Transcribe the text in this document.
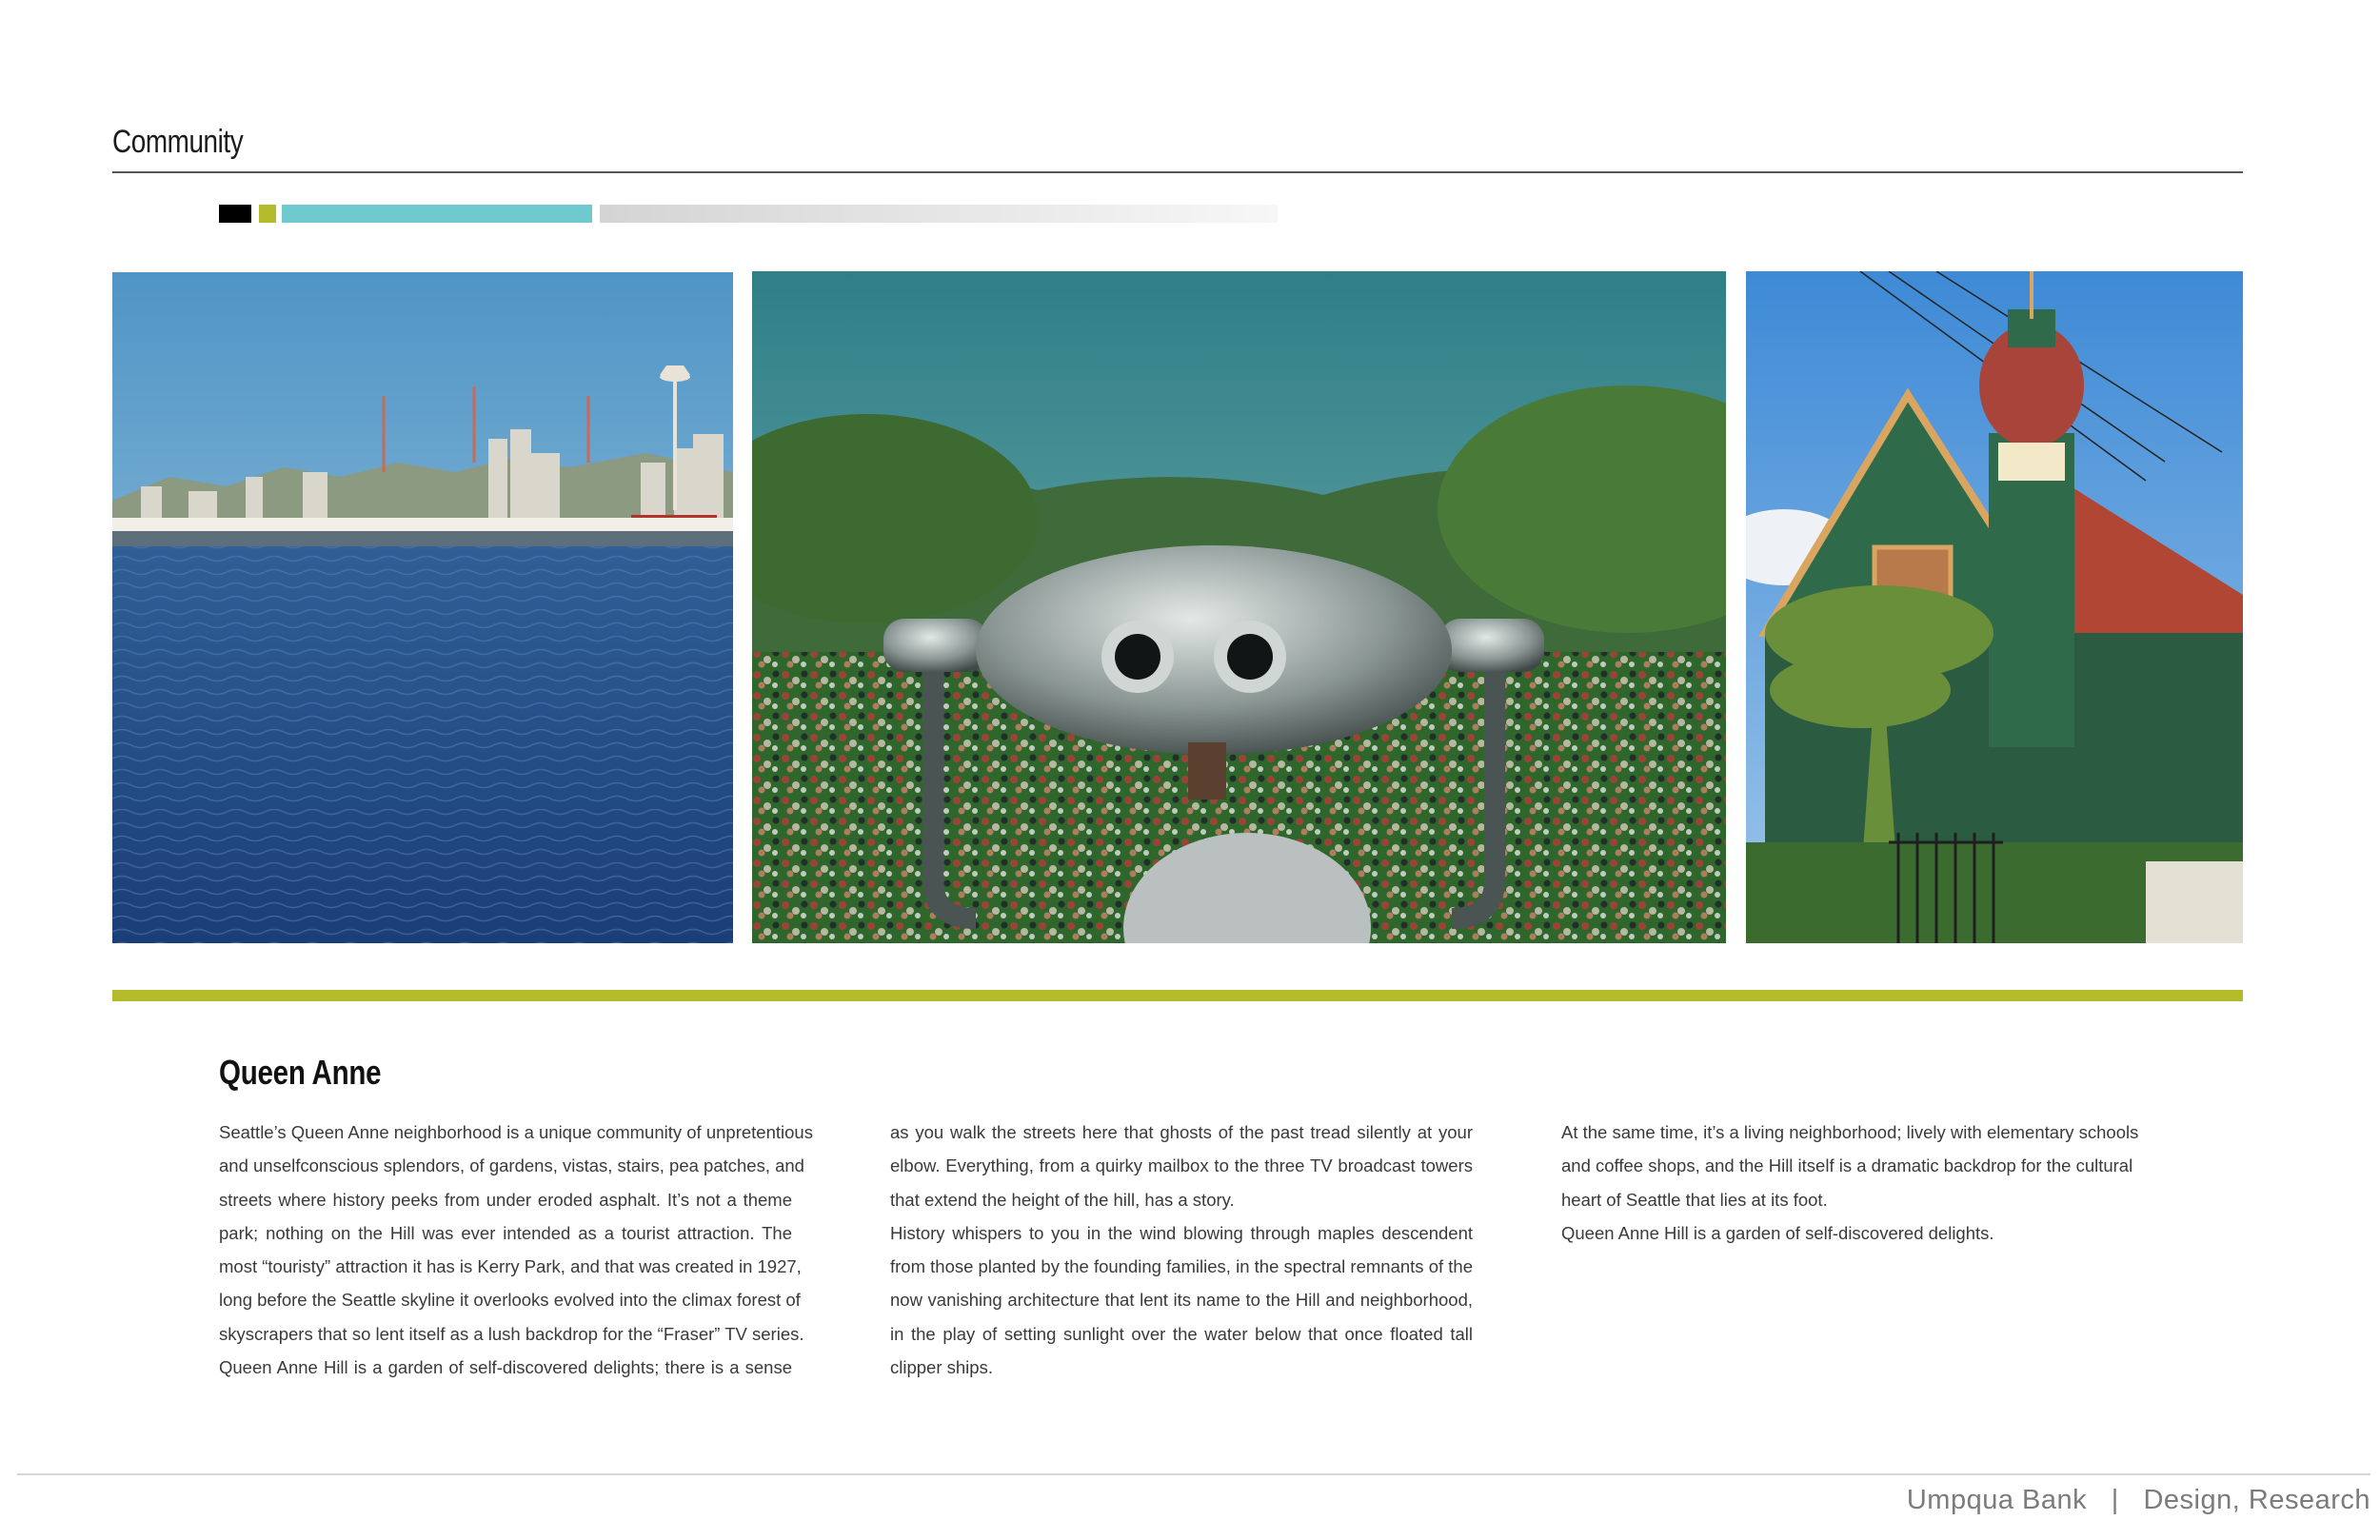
Community
Queen Anne
Seattle’s Queen Anne neighborhood is a unique community of unpretentious
and unselfconscious splendors, of gardens, vistas, stairs, pea patches, and
streets where history peeks from under eroded asphalt. It’s not a theme
park; nothing on the Hill was ever intended as a tourist attraction. The
most “touristy” attraction it has is Kerry Park, and that was created in 1927,
long before the Seattle skyline it overlooks evolved into the climax forest of
skyscrapers that so lent itself as a lush backdrop for the “Fraser” TV series.
Queen Anne Hill is a garden of self-discovered delights; there is a sense
as you walk the streets here that ghosts of the past tread silently at your
elbow. Everything, from a quirky mailbox to the three TV broadcast towers
that extend the height of the hill, has a story.
History whispers to you in the wind blowing through maples descendent
from those planted by the founding families, in the spectral remnants of the
now vanishing architecture that lent its name to the Hill and neighborhood,
in the play of setting sunlight over the water below that once floated tall
clipper ships.
At the same time, it’s a living neighborhood; lively with elementary schools
and coffee shops, and the Hill itself is a dramatic backdrop for the cultural
heart of Seattle that lies at its foot.
Queen Anne Hill is a garden of self-discovered delights.
Umpqua Bank   |   Design, Research
